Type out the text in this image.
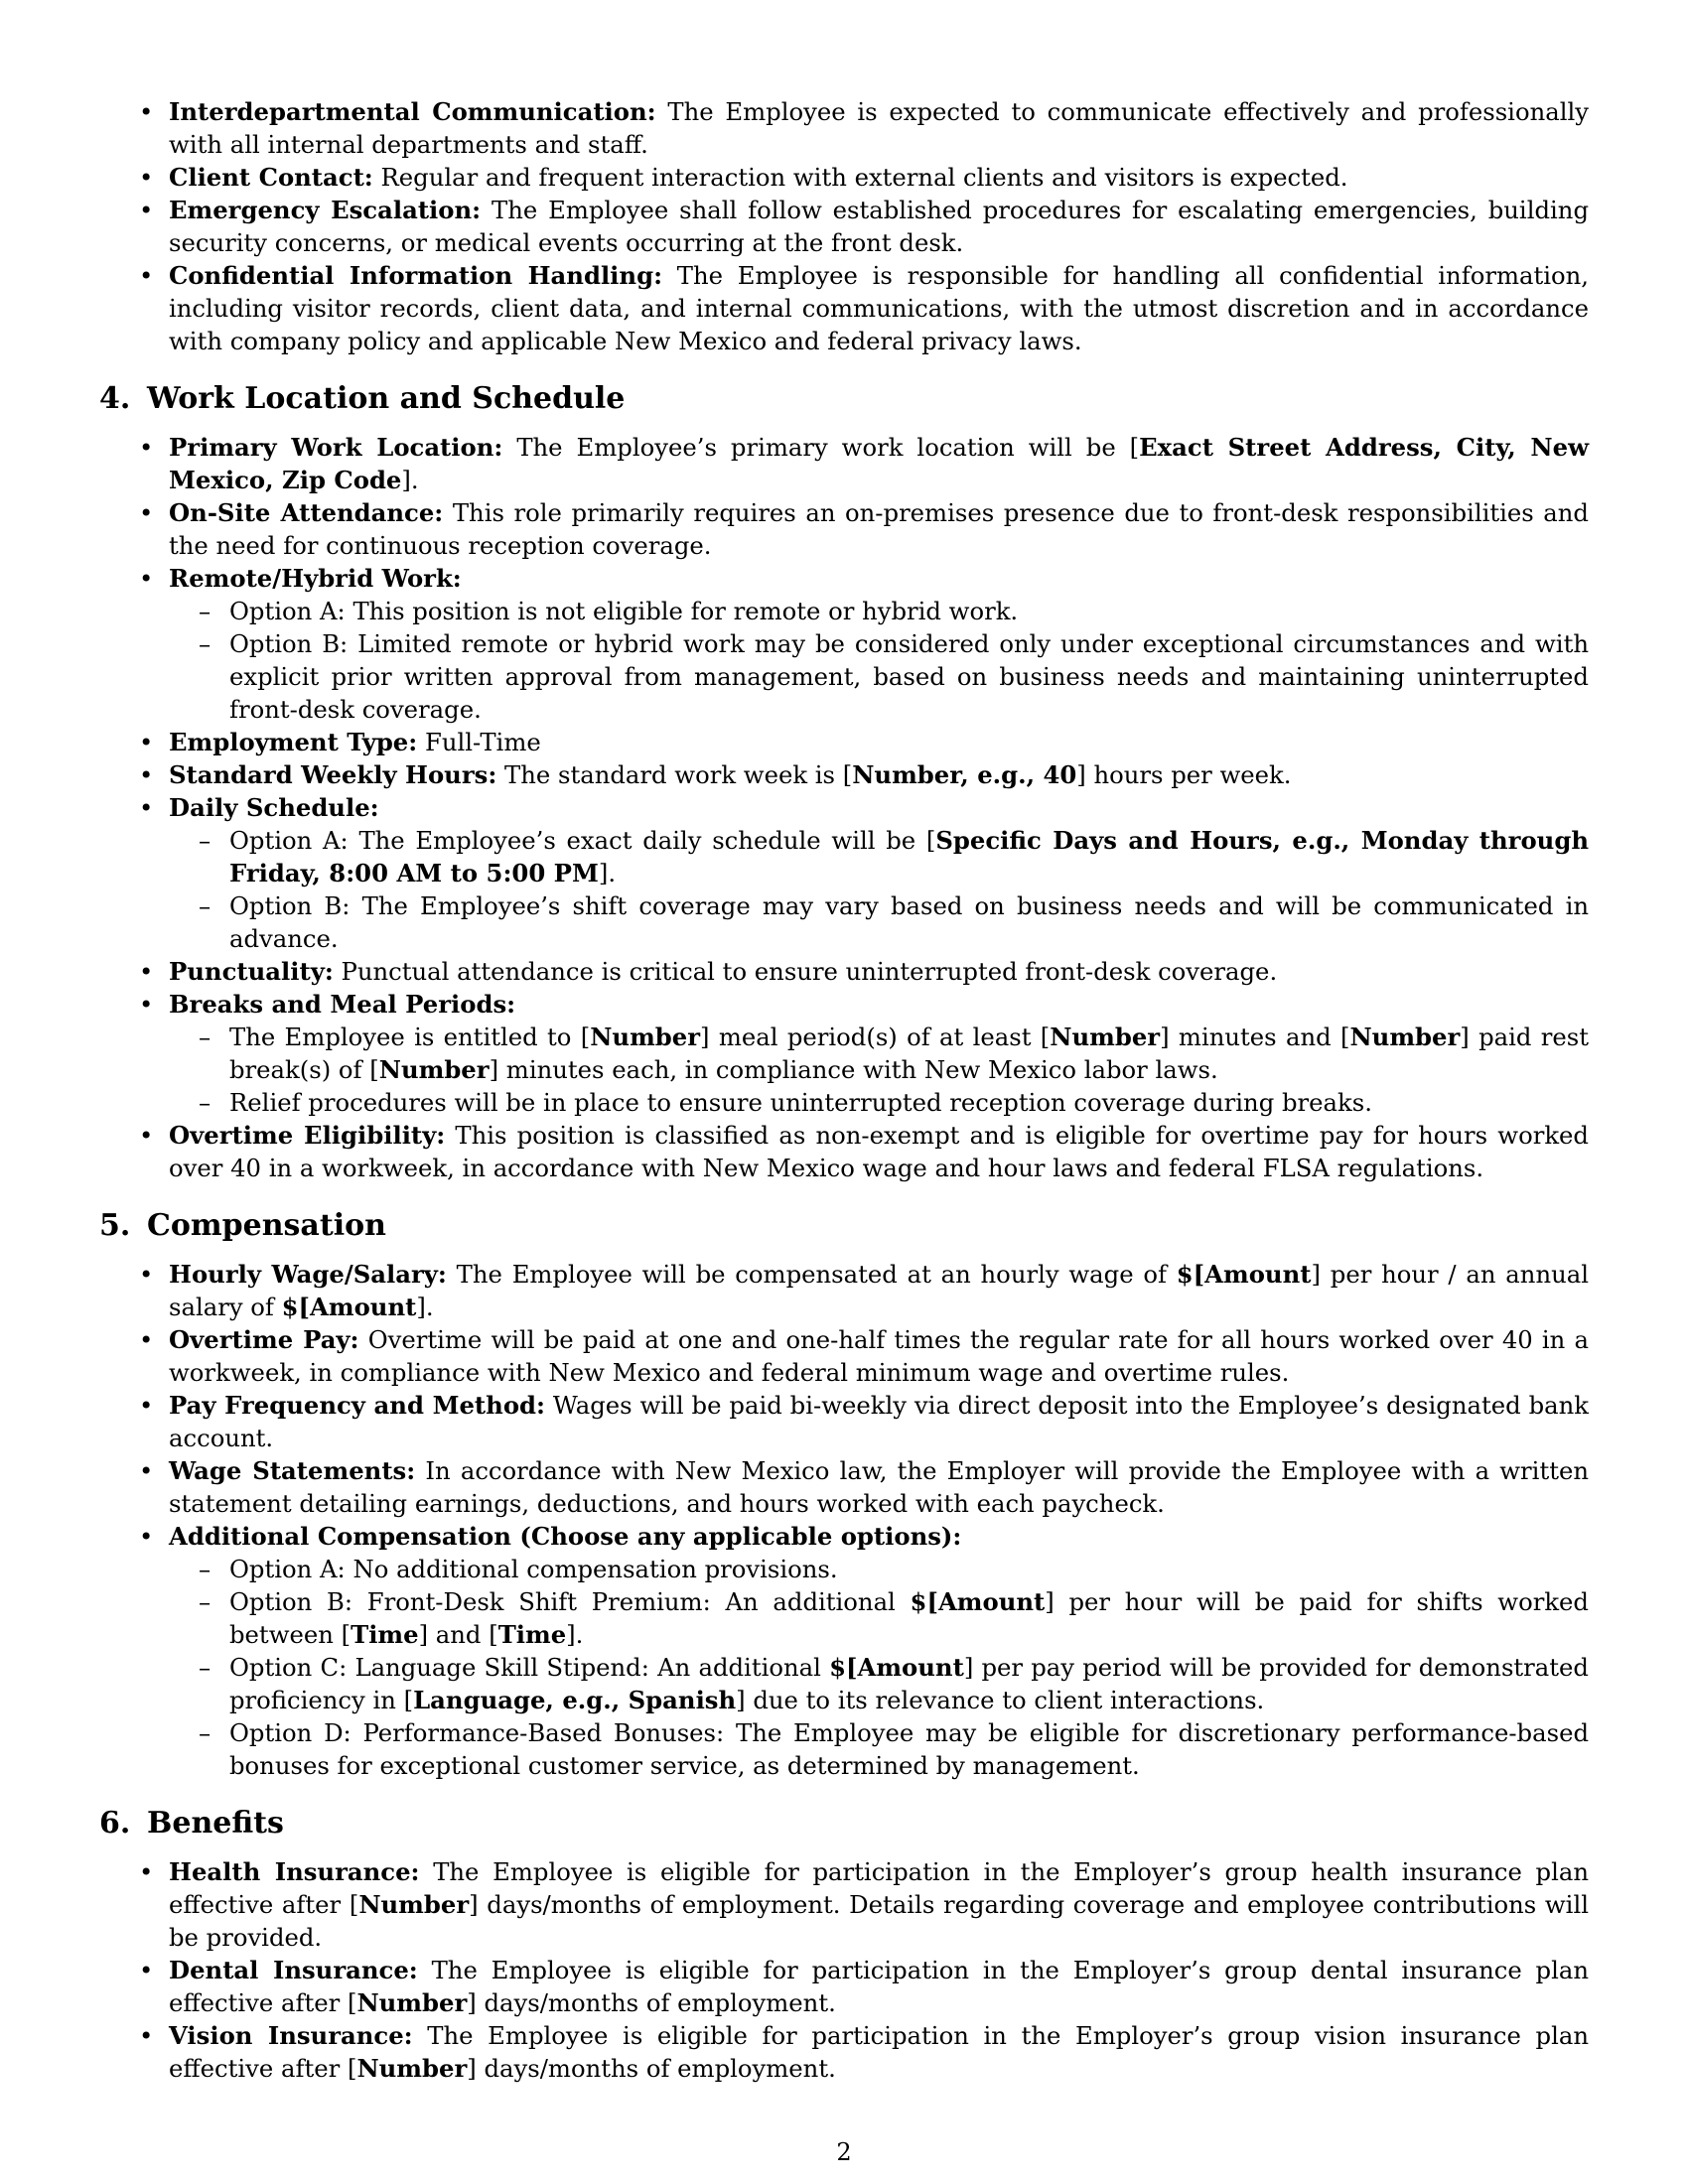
• Interdepartmental Communication: The Employee is expected to communicate effectively and professionally with all internal departments and staff.
• Client Contact: Regular and frequent interaction with external clients and visitors is expected.
• Emergency Escalation: The Employee shall follow established procedures for escalating emergencies, building security concerns, or medical events occurring at the front desk.
• Confidential Information Handling: The Employee is responsible for handling all confidential information, including visitor records, client data, and internal communications, with the utmost discretion and in accordance with company policy and applicable New Mexico and federal privacy laws.
4. Work Location and Schedule
• Primary Work Location: The Employee’s primary work location will be [Exact Street Address, City, New Mexico, Zip Code].
• On-Site Attendance: This role primarily requires an on-premises presence due to front-desk responsibilities and the need for continuous reception coverage.
• Remote/Hybrid Work:
– Option A: This position is not eligible for remote or hybrid work.
– Option B: Limited remote or hybrid work may be considered only under exceptional circumstances and with explicit prior written approval from management, based on business needs and maintaining uninterrupted front-desk coverage.
• Employment Type: Full-Time
• Standard Weekly Hours: The standard work week is [Number, e.g., 40] hours per week.
• Daily Schedule:
– Option A: The Employee’s exact daily schedule will be [Specific Days and Hours, e.g., Monday through Friday, 8:00 AM to 5:00 PM].
– Option B: The Employee’s shift coverage may vary based on business needs and will be communicated in advance.
• Punctuality: Punctual attendance is critical to ensure uninterrupted front-desk coverage.
• Breaks and Meal Periods:
– The Employee is entitled to [Number] meal period(s) of at least [Number] minutes and [Number] paid rest break(s) of [Number] minutes each, in compliance with New Mexico labor laws.
– Relief procedures will be in place to ensure uninterrupted reception coverage during breaks.
• Overtime Eligibility: This position is classified as non-exempt and is eligible for overtime pay for hours worked over 40 in a workweek, in accordance with New Mexico wage and hour laws and federal FLSA regulations.
5. Compensation
• Hourly Wage/Salary: The Employee will be compensated at an hourly wage of $[Amount] per hour / an annual salary of $[Amount].
• Overtime Pay: Overtime will be paid at one and one-half times the regular rate for all hours worked over 40 in a workweek, in compliance with New Mexico and federal minimum wage and overtime rules.
• Pay Frequency and Method: Wages will be paid bi-weekly via direct deposit into the Employee’s designated bank account.
• Wage Statements: In accordance with New Mexico law, the Employer will provide the Employee with a written statement detailing earnings, deductions, and hours worked with each paycheck.
• Additional Compensation (Choose any applicable options):
– Option A: No additional compensation provisions.
– Option B: Front-Desk Shift Premium: An additional $[Amount] per hour will be paid for shifts worked between [Time] and [Time].
– Option C: Language Skill Stipend: An additional $[Amount] per pay period will be provided for demonstrated proficiency in [Language, e.g., Spanish] due to its relevance to client interactions.
– Option D: Performance-Based Bonuses: The Employee may be eligible for discretionary performance-based bonuses for exceptional customer service, as determined by management.
6. Benefits
• Health Insurance: The Employee is eligible for participation in the Employer’s group health insurance plan effective after [Number] days/months of employment. Details regarding coverage and employee contributions will be provided.
• Dental Insurance: The Employee is eligible for participation in the Employer’s group dental insurance plan effective after [Number] days/months of employment.
• Vision Insurance: The Employee is eligible for participation in the Employer’s group vision insurance plan effective after [Number] days/months of employment.
2
